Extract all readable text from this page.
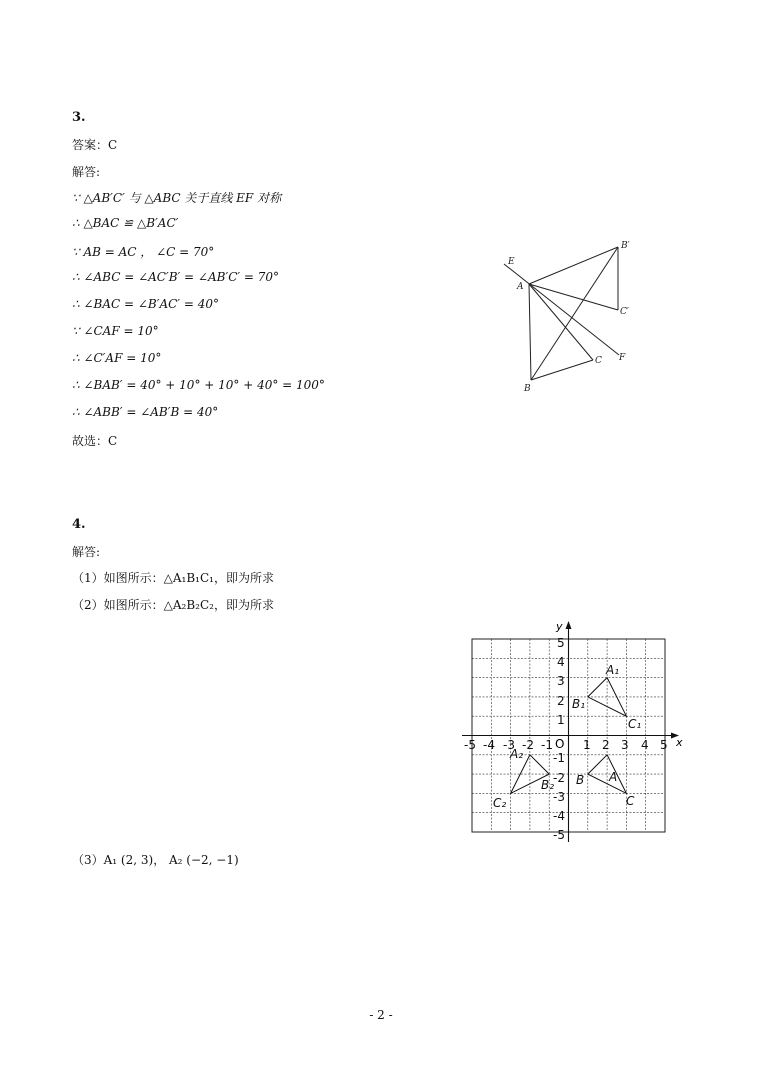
3.
答案：C
解答:
∵ △AB′C′ 与 △ABC 关于直线 EF 对称
∴ △BAC ≌ △B′AC′
∵ AB = AC ， ∠C = 70°
∴ ∠ABC = ∠AC′B′ = ∠AB′C′ = 70°
∴ ∠BAC = ∠B′AC′ = 40°
∵ ∠CAF = 10°
∴ ∠C′AF = 10°
∴ ∠BAB′ = 40° + 10° + 10° + 40° = 100°
∴ ∠ABB′ = ∠AB′B = 40°
故选：C
E
A
B
C F
B′
C′
4.
解答:
（1）如图所示：△A₁B₁C₁，即为所求
（2）如图所示：△A₂B₂C₂，即为所求
（3）A₁ (2, 3)， A₂ (−2, −1)
x
y
O
-5 -4 -3 -2 -1	1 2 3 4 5
5
4
3
2
1
-1
-2
-3
-4
-5
A
B
C
A₁
B₁
C₁
A₂
B₂
C₂
- 2 -
